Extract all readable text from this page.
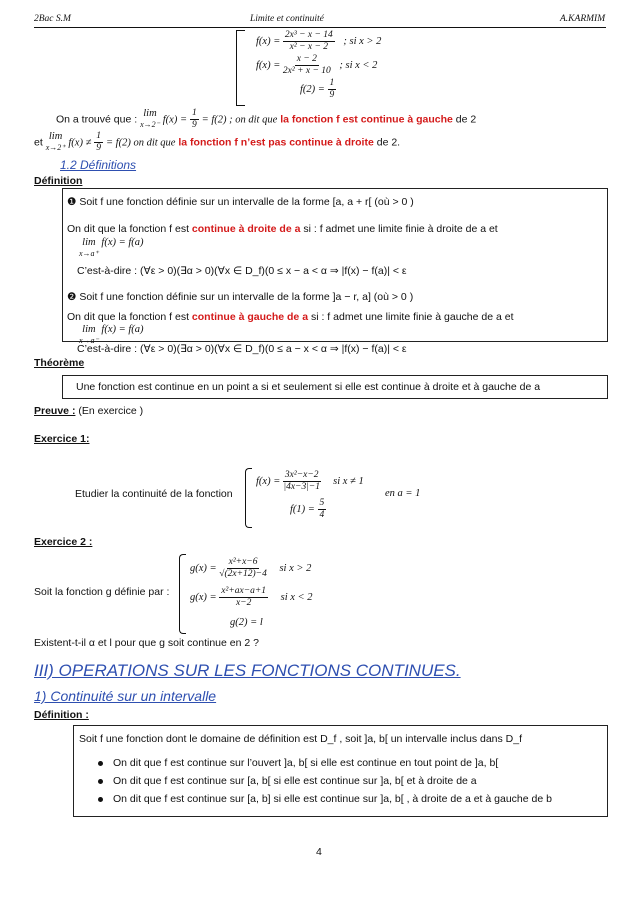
2Bac S.M	Limite et continuité	A.KARMIM
$f(x) = \frac{\text{2x³ − x − 14}}{\text{x² − x − 2}}$ ; si x > 2
$f(x) = \frac{x - 2}{\text{2x² + x − 10}}$ ; si x < 2
$f(2) = \frac{1}{9}$
On a trouvé que : lim
x→2⁻ $f(x) = \frac{1}{9} = f(2)$ ; on dit que la fonction f est continue à gauche de 2
et lim
x→2⁺ $f(x) \ne \frac{1}{9} = f(2)$ on dit que la fonction f n’est pas continue à droite de 2.
1.2 Définitions
Définition
❶ Soit f une fonction définie sur un intervalle de la forme [a, a + r[ (où > 0 )
On dit que la fonction f est continue à droite de a si : f admet une limite finie à droite de a et
lim
x→a⁺
f(x) = f(a)
C’est-à-dire : (∀ε > 0)(∃α > 0)(∀x ∈ D_f)(0 ≤ x − a < α ⇒ |f(x) − f(a)| < ε
❷ Soit f une fonction définie sur un intervalle de la forme ]a − r, a] (où > 0 )
On dit que la fonction f est continue à gauche de a si : f admet une limite finie à gauche de a et
lim
x→a⁻
f(x) = f(a)
C’est-à-dire : (∀ε > 0)(∃α > 0)(∀x ∈ D_f)(0 ≤ a − x < α ⇒ |f(x) − f(a)| < ε
Théorème
Une fonction est continue en un point a si et seulement si elle est continue à droite et à gauche de a
Preuve : (En exercice )
Exercice 1:
Etudier la continuité de la fonction
$f(x) = \frac{\text{3x²−x−2}}{|4x-3|-1}$ si x ≠ 1
$f(1) = \frac{5}{4}$
en a = 1
Exercice 2 :
Soit la fonction g définie par :
$g(x) = \frac{\text{x²+x−6}}{√(2x+12)-4}$ si x > 2
$g(x) = \frac{\text{x²+ax−a+1}}{x-2}$ si x < 2
g(2) = l
Existent-t-il α et l pour que g soit continue en 2 ?
III) OPERATIONS SUR LES FONCTIONS CONTINUES.
1) Continuité sur un intervalle
Définition :
Soit f une fonction dont le domaine de définition est D_f , soit ]a, b[ un intervalle inclus dans D_f
On dit que f est continue sur l’ouvert ]a, b[ si elle est continue en tout point de ]a, b[
On dit que f est continue sur [a, b[ si elle est continue sur ]a, b[ et à droite de a
On dit que f est continue sur [a, b] si elle est continue sur ]a, b[ , à droite de a et à gauche de b
4
